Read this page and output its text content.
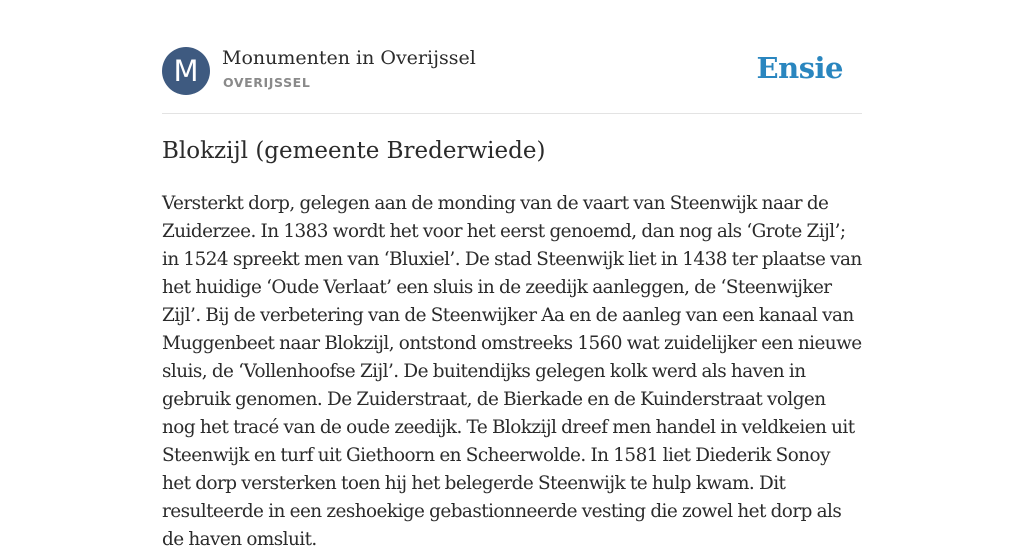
M	Monumenten in Overijssel
OVERIJSSEL	Ensie
Blokzijl (gemeente Brederwiede)

Versterkt dorp, gelegen aan de monding van de vaart van Steenwijk naar de Zuiderzee. In 1383 wordt het voor het eerst genoemd, dan nog als ‘Grote Zijl’; in 1524 spreekt men van ‘Bluxiel’. De stad Steenwijk liet in 1438 ter plaatse van het huidige ‘Oude Verlaat’ een sluis in de zeedijk aanleggen, de ‘Steenwijker Zijl’. Bij de verbetering van de Steenwijker Aa en de aanleg van een kanaal van Muggenbeet naar Blokzijl, ontstond omstreeks 1560 wat zuidelijker een nieuwe sluis, de ‘Vollenhoofse Zijl’. De buitendijks gelegen kolk werd als haven in gebruik genomen. De Zuiderstraat, de Bierkade en de Kuinderstraat volgen nog het tracé van de oude zeedijk. Te Blokzijl dreef men handel in veldkeien uit Steenwijk en turf uit Giethoorn en Scheerwolde. In 1581 liet Diederik Sonoy het dorp versterken toen hij het belegerde Steenwijk te hulp kwam. Dit resulteerde in een zeshoekige gebastionneerde vesting die zowel het dorp als de haven omsluit.
